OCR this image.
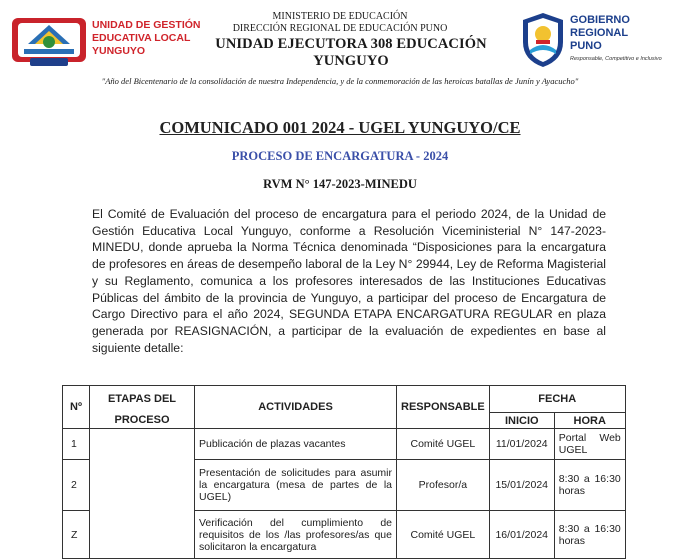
UNIDAD DE GESTIÓN
EDUCATIVA LOCAL
YUNGUYO
MINISTERIO DE EDUCACIÓN
DIRECCIÓN REGIONAL DE EDUCACIÓN PUNO
UNIDAD EJECUTORA 308 EDUCACIÓN YUNGUYO
GOBIERNO
REGIONAL
PUNO
Responsable, Competitivo e Inclusivo
"Año del Bicentenario de la consolidación de nuestra Independencia, y de la conmemoración de las heroicas batallas de Junín y Ayacucho"
COMUNICADO 001 2024 - UGEL YUNGUYO/CE
PROCESO DE ENCARGATURA - 2024
RVM N° 147-2023-MINEDU
El Comité de Evaluación del proceso de encargatura para el periodo 2024, de la Unidad de Gestión Educativa Local Yunguyo, conforme a Resolución Viceministerial N° 147-2023-MINEDU, donde aprueba la Norma Técnica denominada “Disposiciones para la encargatura de profesores en áreas de desempeño laboral de la Ley N° 29944, Ley de Reforma Magisterial y su Reglamento, comunica a los profesores interesados de las Instituciones Educativas Públicas del ámbito de la provincia de Yunguyo, a participar del proceso de Encargatura de Cargo Directivo para el año 2024, SEGUNDA ETAPA ENCARGATURA REGULAR en plaza generada por REASIGNACIÓN, a participar de la evaluación de expedientes en base al siguiente detalle:
Nº	ETAPAS DEL	ACTIVIDADES	RESPONSABLE	FECHA	
	PROCESO			INICIO	HORA
1		Publicación de plazas vacantes	Comité UGEL	11/01/2024	Portal Web UGEL
2		Presentación de solicitudes para asumir la encargatura (mesa de partes de la UGEL)	Profesor/a	15/01/2024	8:30 a 16:30 horas
Z		Verificación del cumplimiento de requisitos de los /las profesores/as que solicitaron la encargatura	Comité UGEL	16/01/2024	8:30 a 16:30 horas
